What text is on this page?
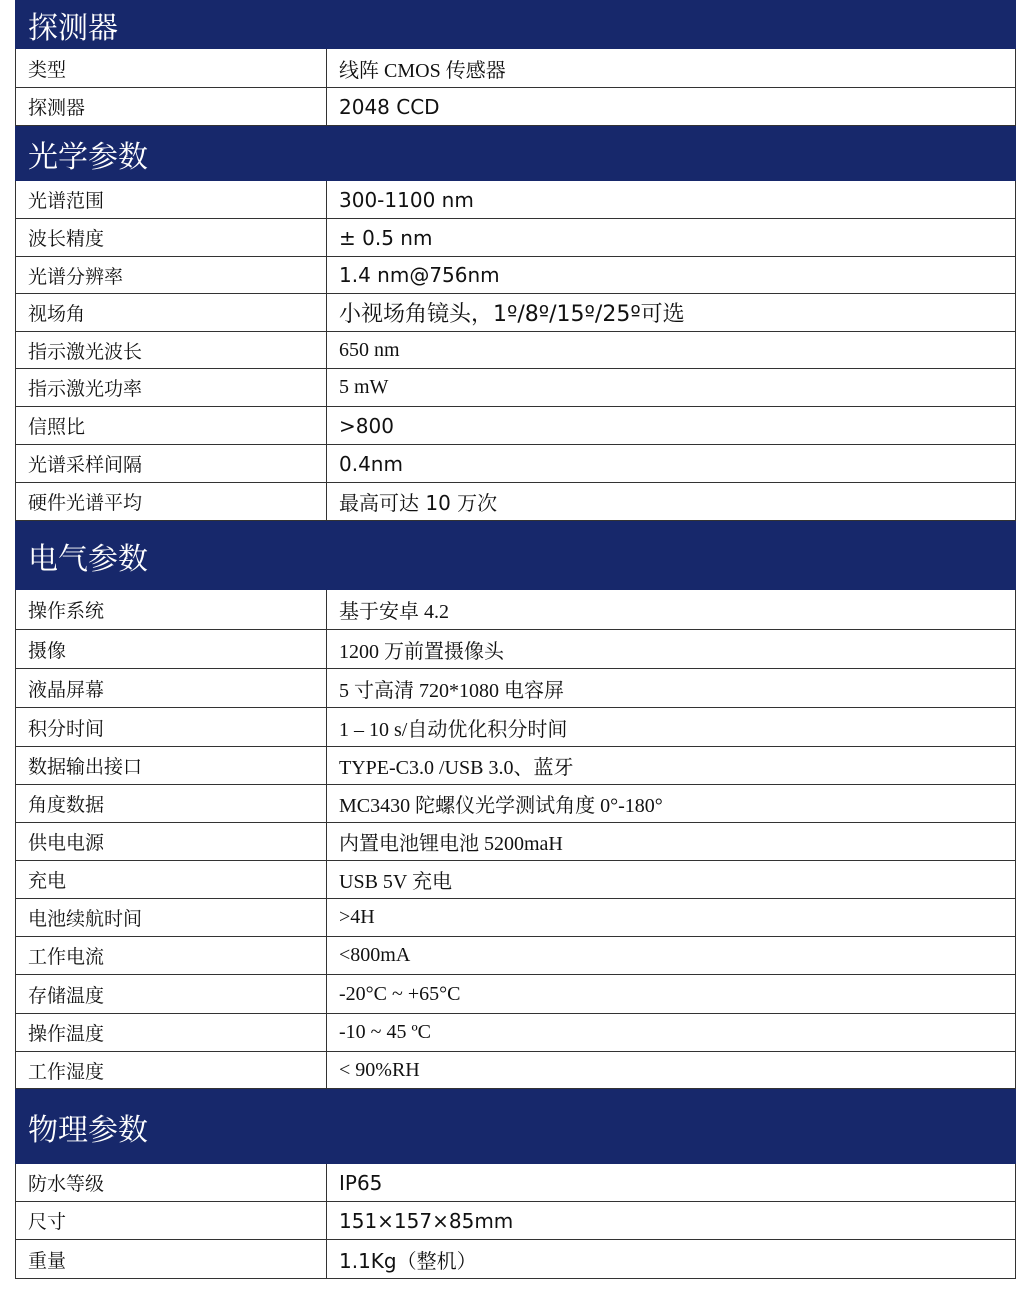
探测器
类型	线阵 CMOS 传感器
探测器	2048 CCD
光学参数
光谱范围	300-1100 nm
波长精度	± 0.5 nm
光谱分辨率	1.4 nm@756nm
视场角	小视场角镜头，1º/8º/15º/25º可选
指示激光波长	650 nm
指示激光功率	5 mW
信照比	>800
光谱采样间隔	0.4nm
硬件光谱平均	最高可达 10 万次
电气参数
操作系统	基于安卓 4.2
摄像	1200 万前置摄像头
液晶屏幕	5 寸高清 720*1080 电容屏
积分时间	1 – 10 s/自动优化积分时间
数据输出接口	TYPE-C3.0 /USB 3.0、蓝牙
角度数据	MC3430 陀螺仪光学测试角度 0°-180°
供电电源	内置电池锂电池 5200maH
充电	USB 5V 充电
电池续航时间	>4H
工作电流	<800mA
存储温度	-20°C ~ +65°C
操作温度	-10 ~ 45 ºC
工作湿度	< 90%RH
物理参数
防水等级	IP65
尺寸	151×157×85mm
重量	1.1Kg（整机）
